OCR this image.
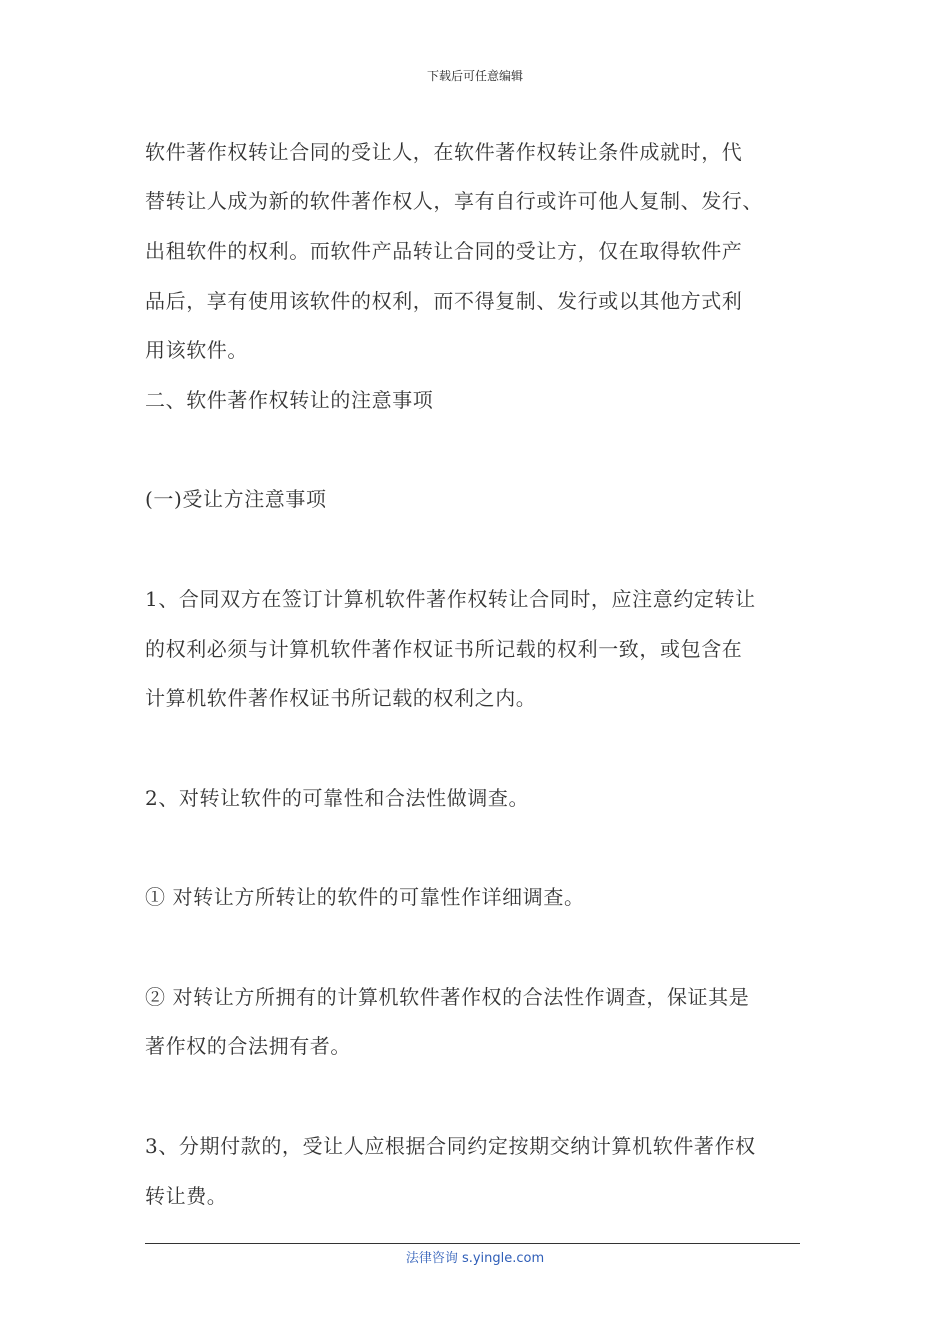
下载后可任意编辑
软件著作权转让合同的受让人，在软件著作权转让条件成就时，代
替转让人成为新的软件著作权人，享有自行或许可他人复制、发行、
出租软件的权利。而软件产品转让合同的受让方，仅在取得软件产
品后，享有使用该软件的权利，而不得复制、发行或以其他方式利
用该软件。
二、软件著作权转让的注意事项
(一)受让方注意事项
1、合同双方在签订计算机软件著作权转让合同时，应注意约定转让
的权利必须与计算机软件著作权证书所记载的权利一致，或包含在
计算机软件著作权证书所记载的权利之内。
2、对转让软件的可靠性和合法性做调查。
① 对转让方所转让的软件的可靠性作详细调查。
② 对转让方所拥有的计算机软件著作权的合法性作调查，保证其是
著作权的合法拥有者。
3、分期付款的，受让人应根据合同约定按期交纳计算机软件著作权
转让费。
法律咨询 s.yingle.com
